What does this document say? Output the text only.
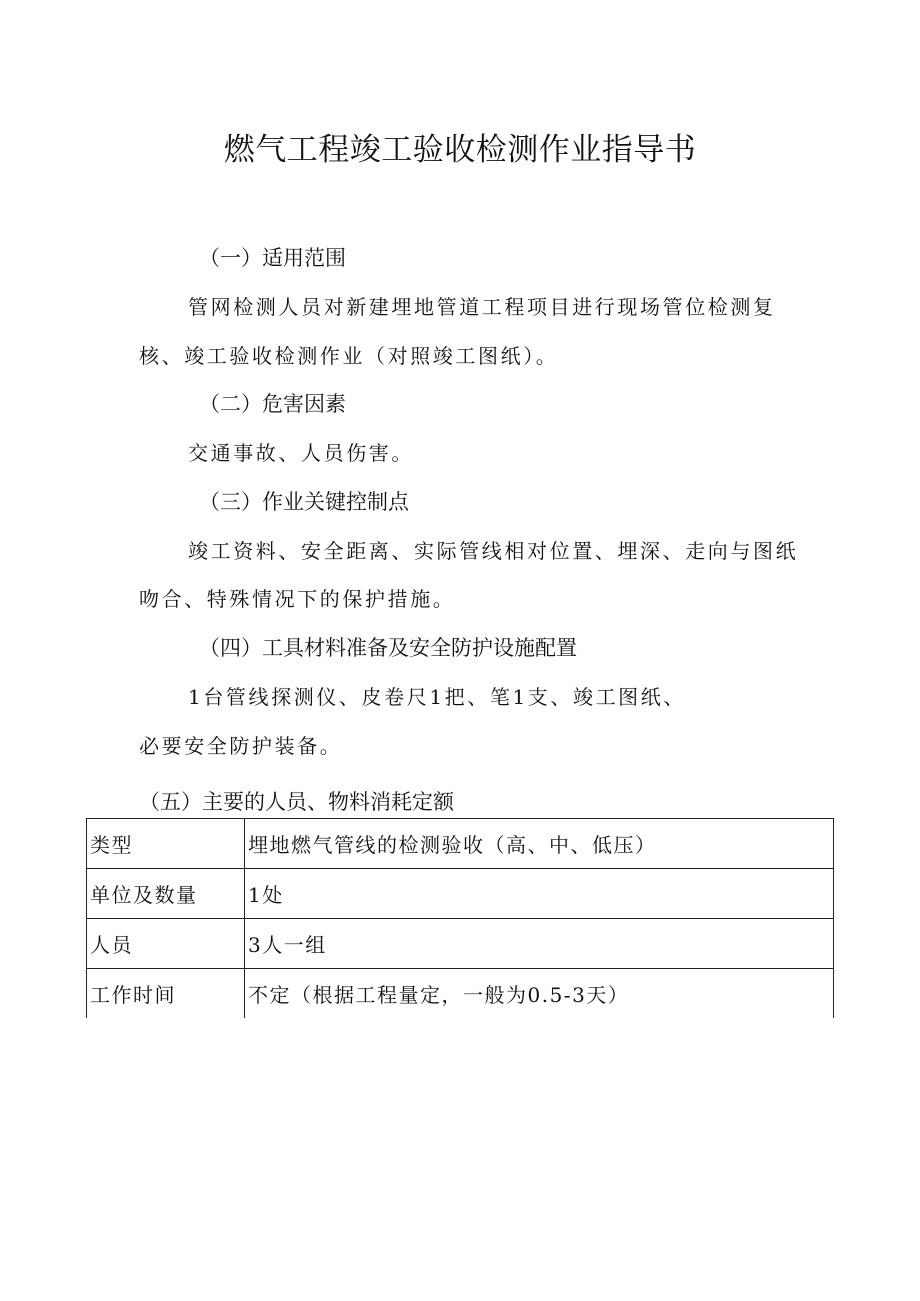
燃气工程竣工验收检测作业指导书
（一）适用范围

管网检测人员对新建埋地管道工程项目进行现场管位检测复

核、竣工验收检测作业（对照竣工图纸）。

（二）危害因素

交通事故、人员伤害。

（三）作业关键控制点

竣工资料、安全距离、实际管线相对位置、埋深、走向与图纸

吻合、特殊情况下的保护措施。

（四）工具材料准备及安全防护设施配置

1台管线探测仪、皮卷尺1把、笔1支、竣工图纸、

必要安全防护装备。

（五）主要的人员、物料消耗定额
类型	埋地燃气管线的检测验收（高、中、低压）
单位及数量	1处
人员	3人一组
工作时间	不定（根据工程量定，一般为0.5-3天）
